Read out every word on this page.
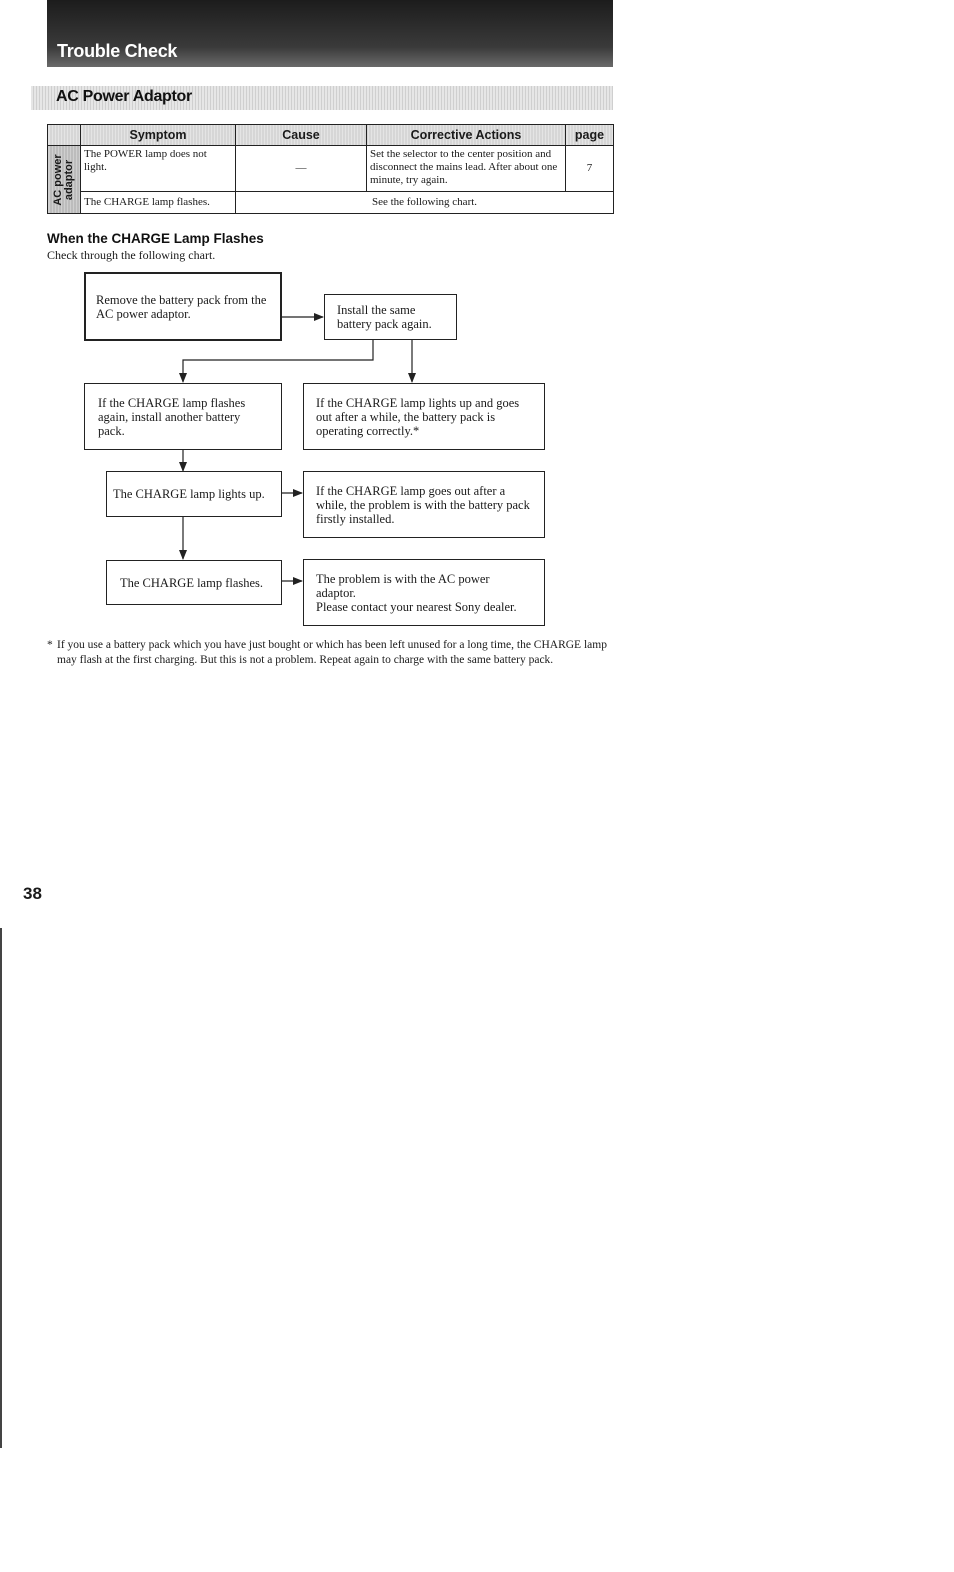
Trouble Check
AC Power Adaptor
	Symptom	Cause	Corrective Actions	page

AC power adaptor	The POWER lamp does not light.	—	Set the selector to the center position and disconnect the mains lead. After about one minute, try again.	7
	The CHARGE lamp flashes.	See the following chart.		
When the CHARGE Lamp Flashes
Check through the following chart.
Remove the battery pack from the AC power adaptor.	Install the same battery pack again.
If the CHARGE lamp flashes again, install another battery pack.
If the CHARGE lamp lights up and goes out after a while, the battery pack is operating correctly.*
The CHARGE lamp lights up.	If the CHARGE lamp goes out after a while, the problem is with the battery pack firstly installed.
The CHARGE lamp flashes.	The problem is with the AC power adaptor.
Please contact your nearest Sony dealer.
* If you use a battery pack which you have just bought or which has been left unused for a long time, the CHARGE lamp may flash at the first charging. But this is not a problem. Repeat again to charge with the same battery pack.
38
